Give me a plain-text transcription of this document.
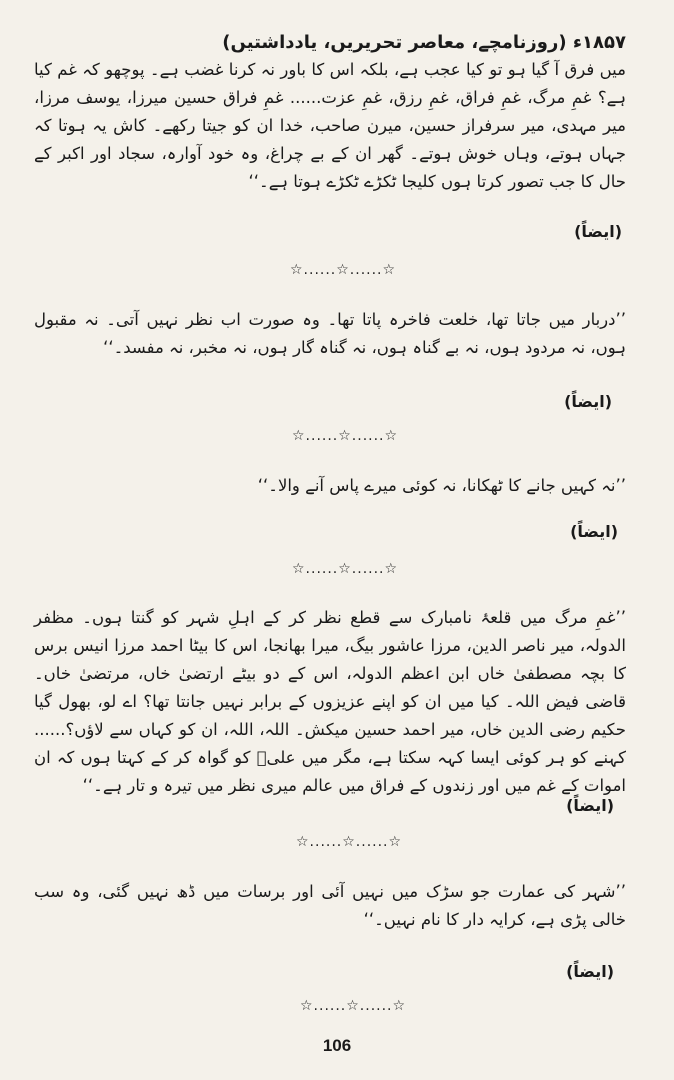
۱۸۵۷ء (روزنامچے، معاصر تحریریں، یادداشتیں)

میں فرق آ گیا ہو تو کیا عجب ہے، بلکہ اس کا باور نہ کرنا غضب ہے۔ پوچھو کہ غم کیا ہے؟ غمِ مرگ، غمِ فراق، غمِ رزق، غمِ عزت...... غمِ فراق حسین میرزا، یوسف مرزا، میر مہدی، میر سرفراز حسین، میرن صاحب، خدا ان کو جیتا رکھے۔ کاش یہ ہوتا کہ جہاں ہوتے، وہاں خوش ہوتے۔ گھر ان کے بے چراغ، وہ خود آوارہ، سجاد اور اکبر کے حال کا جب تصور کرتا ہوں کلیجا ٹکڑے ٹکڑے ہوتا ہے۔‘‘

(ایضاً)
☆......☆......☆

’’دربار میں جاتا تھا، خلعت فاخرہ پاتا تھا۔ وہ صورت اب نظر نہیں آتی۔ نہ مقبول ہوں، نہ مردود ہوں، نہ بے گناہ ہوں، نہ گناہ گار ہوں، نہ مخبر، نہ مفسد۔‘‘

(ایضاً)
☆......☆......☆

’’نہ کہیں جانے کا ٹھکانا، نہ کوئی میرے پاس آنے والا۔‘‘

(ایضاً)
☆......☆......☆

’’غمِ مرگ میں قلعۂ نامبارک سے قطع نظر کر کے اہلِ شہر کو گنتا ہوں۔ مظفر الدولہ، میر ناصر الدین، مرزا عاشور بیگ، میرا بھانجا، اس کا بیٹا احمد مرزا انیس برس کا بچہ مصطفیٰ خاں ابن اعظم الدولہ، اس کے دو بیٹے ارتضیٰ خاں، مرتضیٰ خاں۔ قاضی فیض اللہ۔ کیا میں ان کو اپنے عزیزوں کے برابر نہیں جانتا تھا؟ اے لو، بھول گیا حکیم رضی الدین خاں، میر احمد حسین میکش۔ اللہ، اللہ، ان کو کہاں سے لاؤں؟...... کہنے کو ہر کوئی ایسا کہہ سکتا ہے، مگر میں علیؑ کو گواہ کر کے کہتا ہوں کہ ان اموات کے غم میں اور زندوں کے فراق میں عالم میری نظر میں تیرہ و تار ہے۔‘‘

(ایضاً)
☆......☆......☆

’’شہر کی عمارت جو سڑک میں نہیں آئی اور برسات میں ڈھ نہیں گئی، وہ سب خالی پڑی ہے، کرایہ دار کا نام نہیں۔‘‘

(ایضاً)
☆......☆......☆
106
